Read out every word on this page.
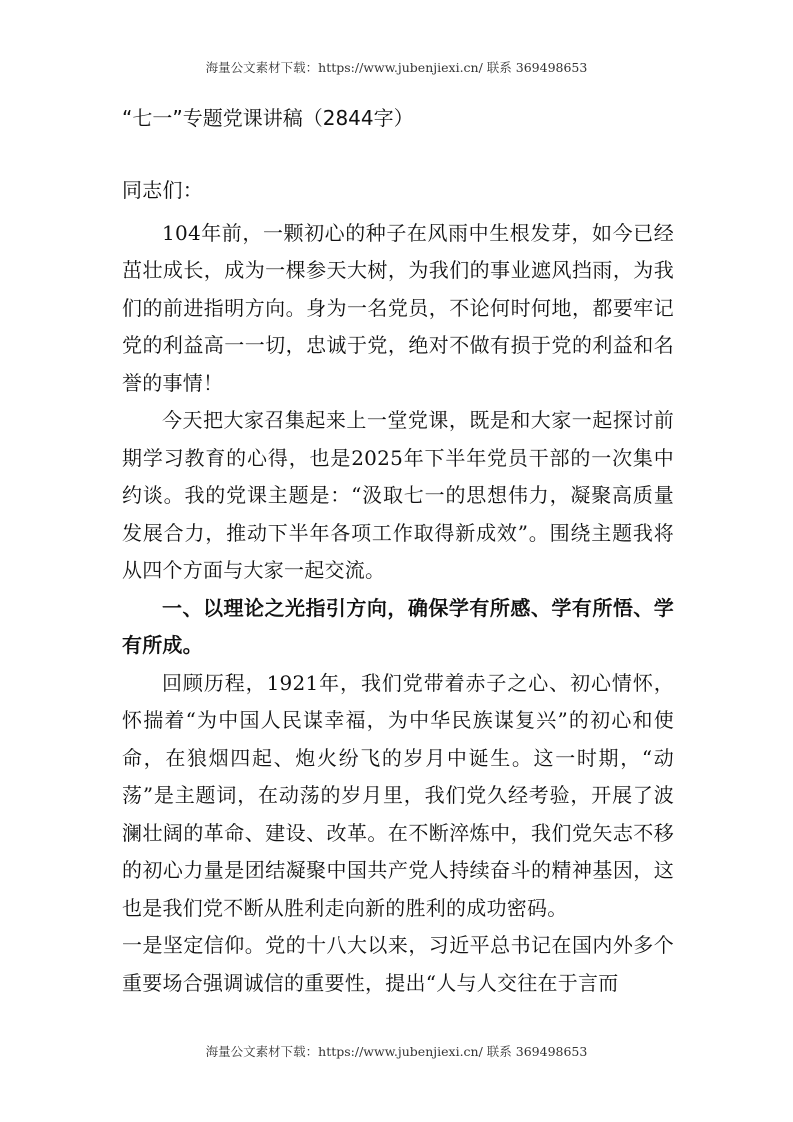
海量公文素材下载：https://www.jubenjiexi.cn/ 联系 369498653
“七一”专题党课讲稿（2844字）

同志们：

104年前，一颗初心的种子在风雨中生根发芽，如今已经茁壮成长，成为一棵参天大树，为我们的事业遮风挡雨，为我们的前进指明方向。身为一名党员，不论何时何地，都要牢记党的利益高一一切，忠诚于党，绝对不做有损于党的利益和名誉的事情！

今天把大家召集起来上一堂党课，既是和大家一起探讨前期学习教育的心得，也是2025年下半年党员干部的一次集中约谈。我的党课主题是：“汲取七一的思想伟力，凝聚高质量发展合力，推动下半年各项工作取得新成效”。围绕主题我将从四个方面与大家一起交流。

一、以理论之光指引方向，确保学有所感、学有所悟、学有所成。

回顾历程，1921年，我们党带着赤子之心、初心情怀，怀揣着“为中国人民谋幸福，为中华民族谋复兴”的初心和使命，在狼烟四起、炮火纷飞的岁月中诞生。这一时期，“动荡”是主题词，在动荡的岁月里，我们党久经考验，开展了波澜壮阔的革命、建设、改革。在不断淬炼中，我们党矢志不移的初心力量是团结凝聚中国共产党人持续奋斗的精神基因，这也是我们党不断从胜利走向新的胜利的成功密码。

一是坚定信仰。党的十八大以来，习近平总书记在国内外多个重要场合强调诚信的重要性，提出“人与人交往在于言而

海量公文素材下载：https://www.jubenjiexi.cn/ 联系 369498653
